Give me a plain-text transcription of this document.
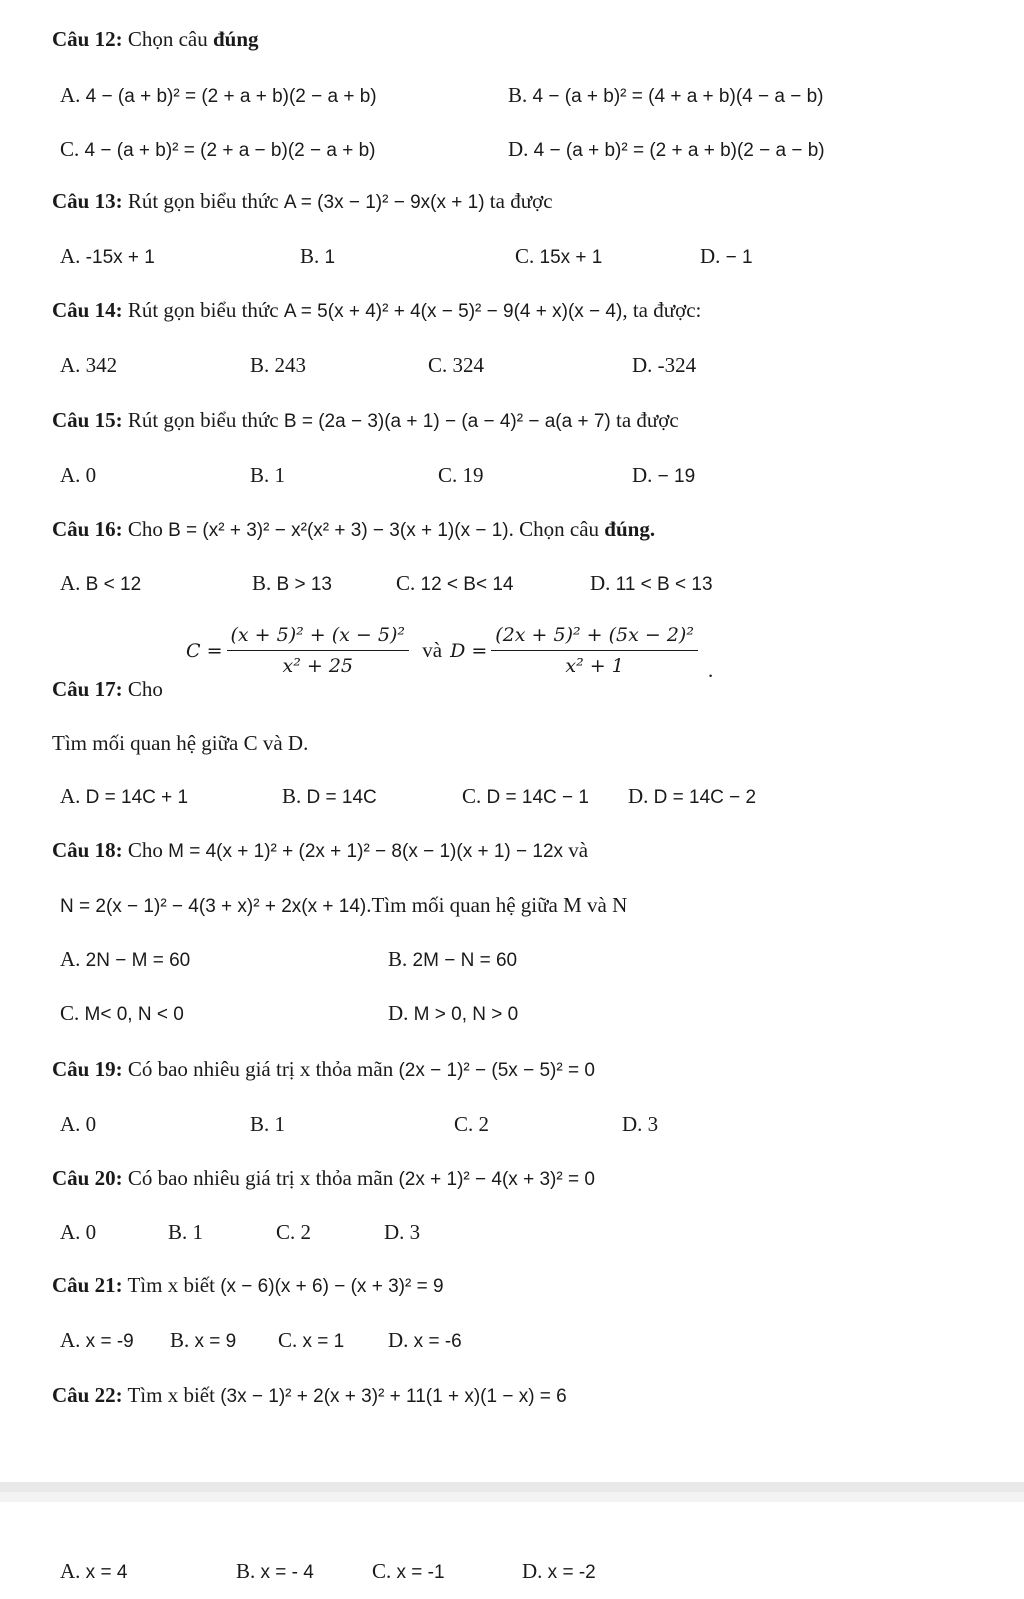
Câu 12: Chọn câu đúng
A. 4 − (a + b)² = (2 + a + b)(2 − a + b)	B. 4 − (a + b)² = (4 + a + b)(4 − a − b)
C. 4 − (a + b)² = (2 + a − b)(2 − a + b)	D. 4 − (a + b)² = (2 + a + b)(2 − a − b)
Câu 13: Rút gọn biểu thức A = (3x − 1)² − 9x(x + 1) ta được
A. -15x + 1	B. 1	C. 15x + 1	D. − 1
Câu 14: Rút gọn biểu thức A = 5(x + 4)² + 4(x − 5)² − 9(4 + x)(x − 4), ta được:
A. 342	B. 243	C. 324	D. -324
Câu 15: Rút gọn biểu thức B = (2a − 3)(a + 1) − (a − 4)² − a(a + 7) ta được
A. 0	B. 1	C. 19	D. − 19
Câu 16: Cho B = (x² + 3)² − x²(x² + 3) − 3(x + 1)(x − 1). Chọn câu đúng.
A. B < 12	B. B > 13	C. 12 < B< 14	D. 11 < B < 13
Câu 17: Cho
$C = \frac{\text{(x + 5)² + (x − 5)²}}{\text{x² + 25}}$ và $D = \frac{\text{(2x + 5)² + (5x − 2)²}}{\text{x² + 1}}$ .
Tìm mối quan hệ giữa C và D.
A. D = 14C + 1	B. D = 14C	C. D = 14C − 1 D. D = 14C − 2
Câu 18: Cho M = 4(x + 1)² + (2x + 1)² − 8(x − 1)(x + 1) − 12x và
N = 2(x − 1)² − 4(3 + x)² + 2x(x + 14).Tìm mối quan hệ giữa M và N
A. 2N − M = 60	B. 2M − N = 60
C. M< 0, N < 0	D. M > 0, N > 0
Câu 19: Có bao nhiêu giá trị x thỏa mãn (2x − 1)² − (5x − 5)² = 0
A. 0	B. 1	C. 2	D. 3
Câu 20: Có bao nhiêu giá trị x thỏa mãn (2x + 1)² − 4(x + 3)² = 0
A. 0	B. 1	C. 2	D. 3
Câu 21: Tìm x biết (x − 6)(x + 6) − (x + 3)² = 9
A. x = -9 B. x = 9 C. x = 1 D. x = -6
Câu 22: Tìm x biết (3x − 1)² + 2(x + 3)² + 11(1 + x)(1 − x) = 6
A. x = 4	B. x = - 4	C. x = -1	D. x = -2
